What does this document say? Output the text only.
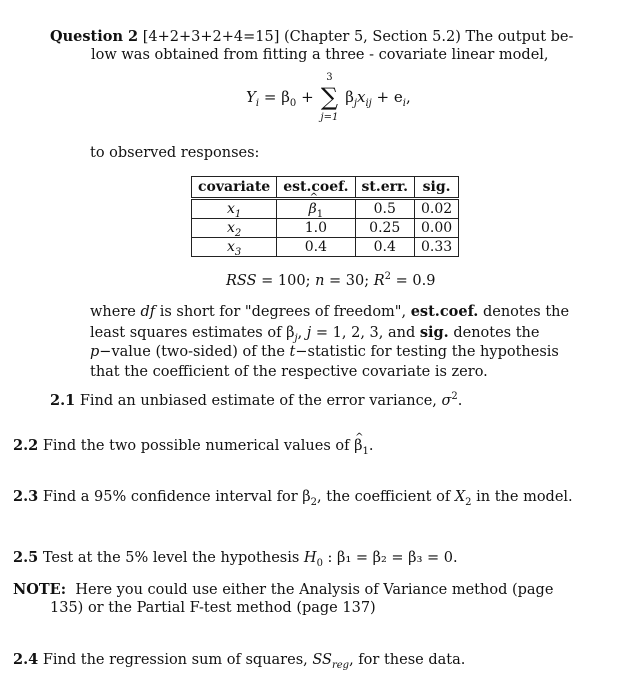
Question 2 [4+2+3+2+4=15] (Chapter 5, Section 5.2) The output be-
low was obtained from fitting a three - covariate linear model,
$Y_i = \beta_0$ +
3
∑
j=1
$\beta_jx_{ij} + e_i$,
to observed responses:
covariate	est.coef.	st.err.	sig.
$x_1$	^ $\beta_1$	0.5	0.02
$x_2$	1.0	0.25	0.00
$x_3$	0.4	0.4	0.33
RSS = 100; n = 30; $R^2 = 0.9$
where df is short for "degrees of freedom", est.coef. denotes the least squares estimates of $\beta_j$, j = 1, 2, 3, and sig. denotes the p−value (two-sided) of the t−statistic for testing the hypothesis that the coefficient of the respective covariate is zero.
2.1 Find an unbiased estimate of the error variance, $\sigma^2$.
2.2 Find the two possible numerical values of ^ $\beta_1$.
2.3 Find a 95% confidence interval for $\beta_2$, the coefficient of $X_2$ in the model.
2.5 Test at the 5% level the hypothesis $H_0$ : β₁ = β₂ = β₃ = 0.
NOTE: Here you could use either the Analysis of Variance method (page
135) or the Partial F-test method (page 137)
2.4 Find the regression sum of squares, $SS_{reg}$, for these data.
